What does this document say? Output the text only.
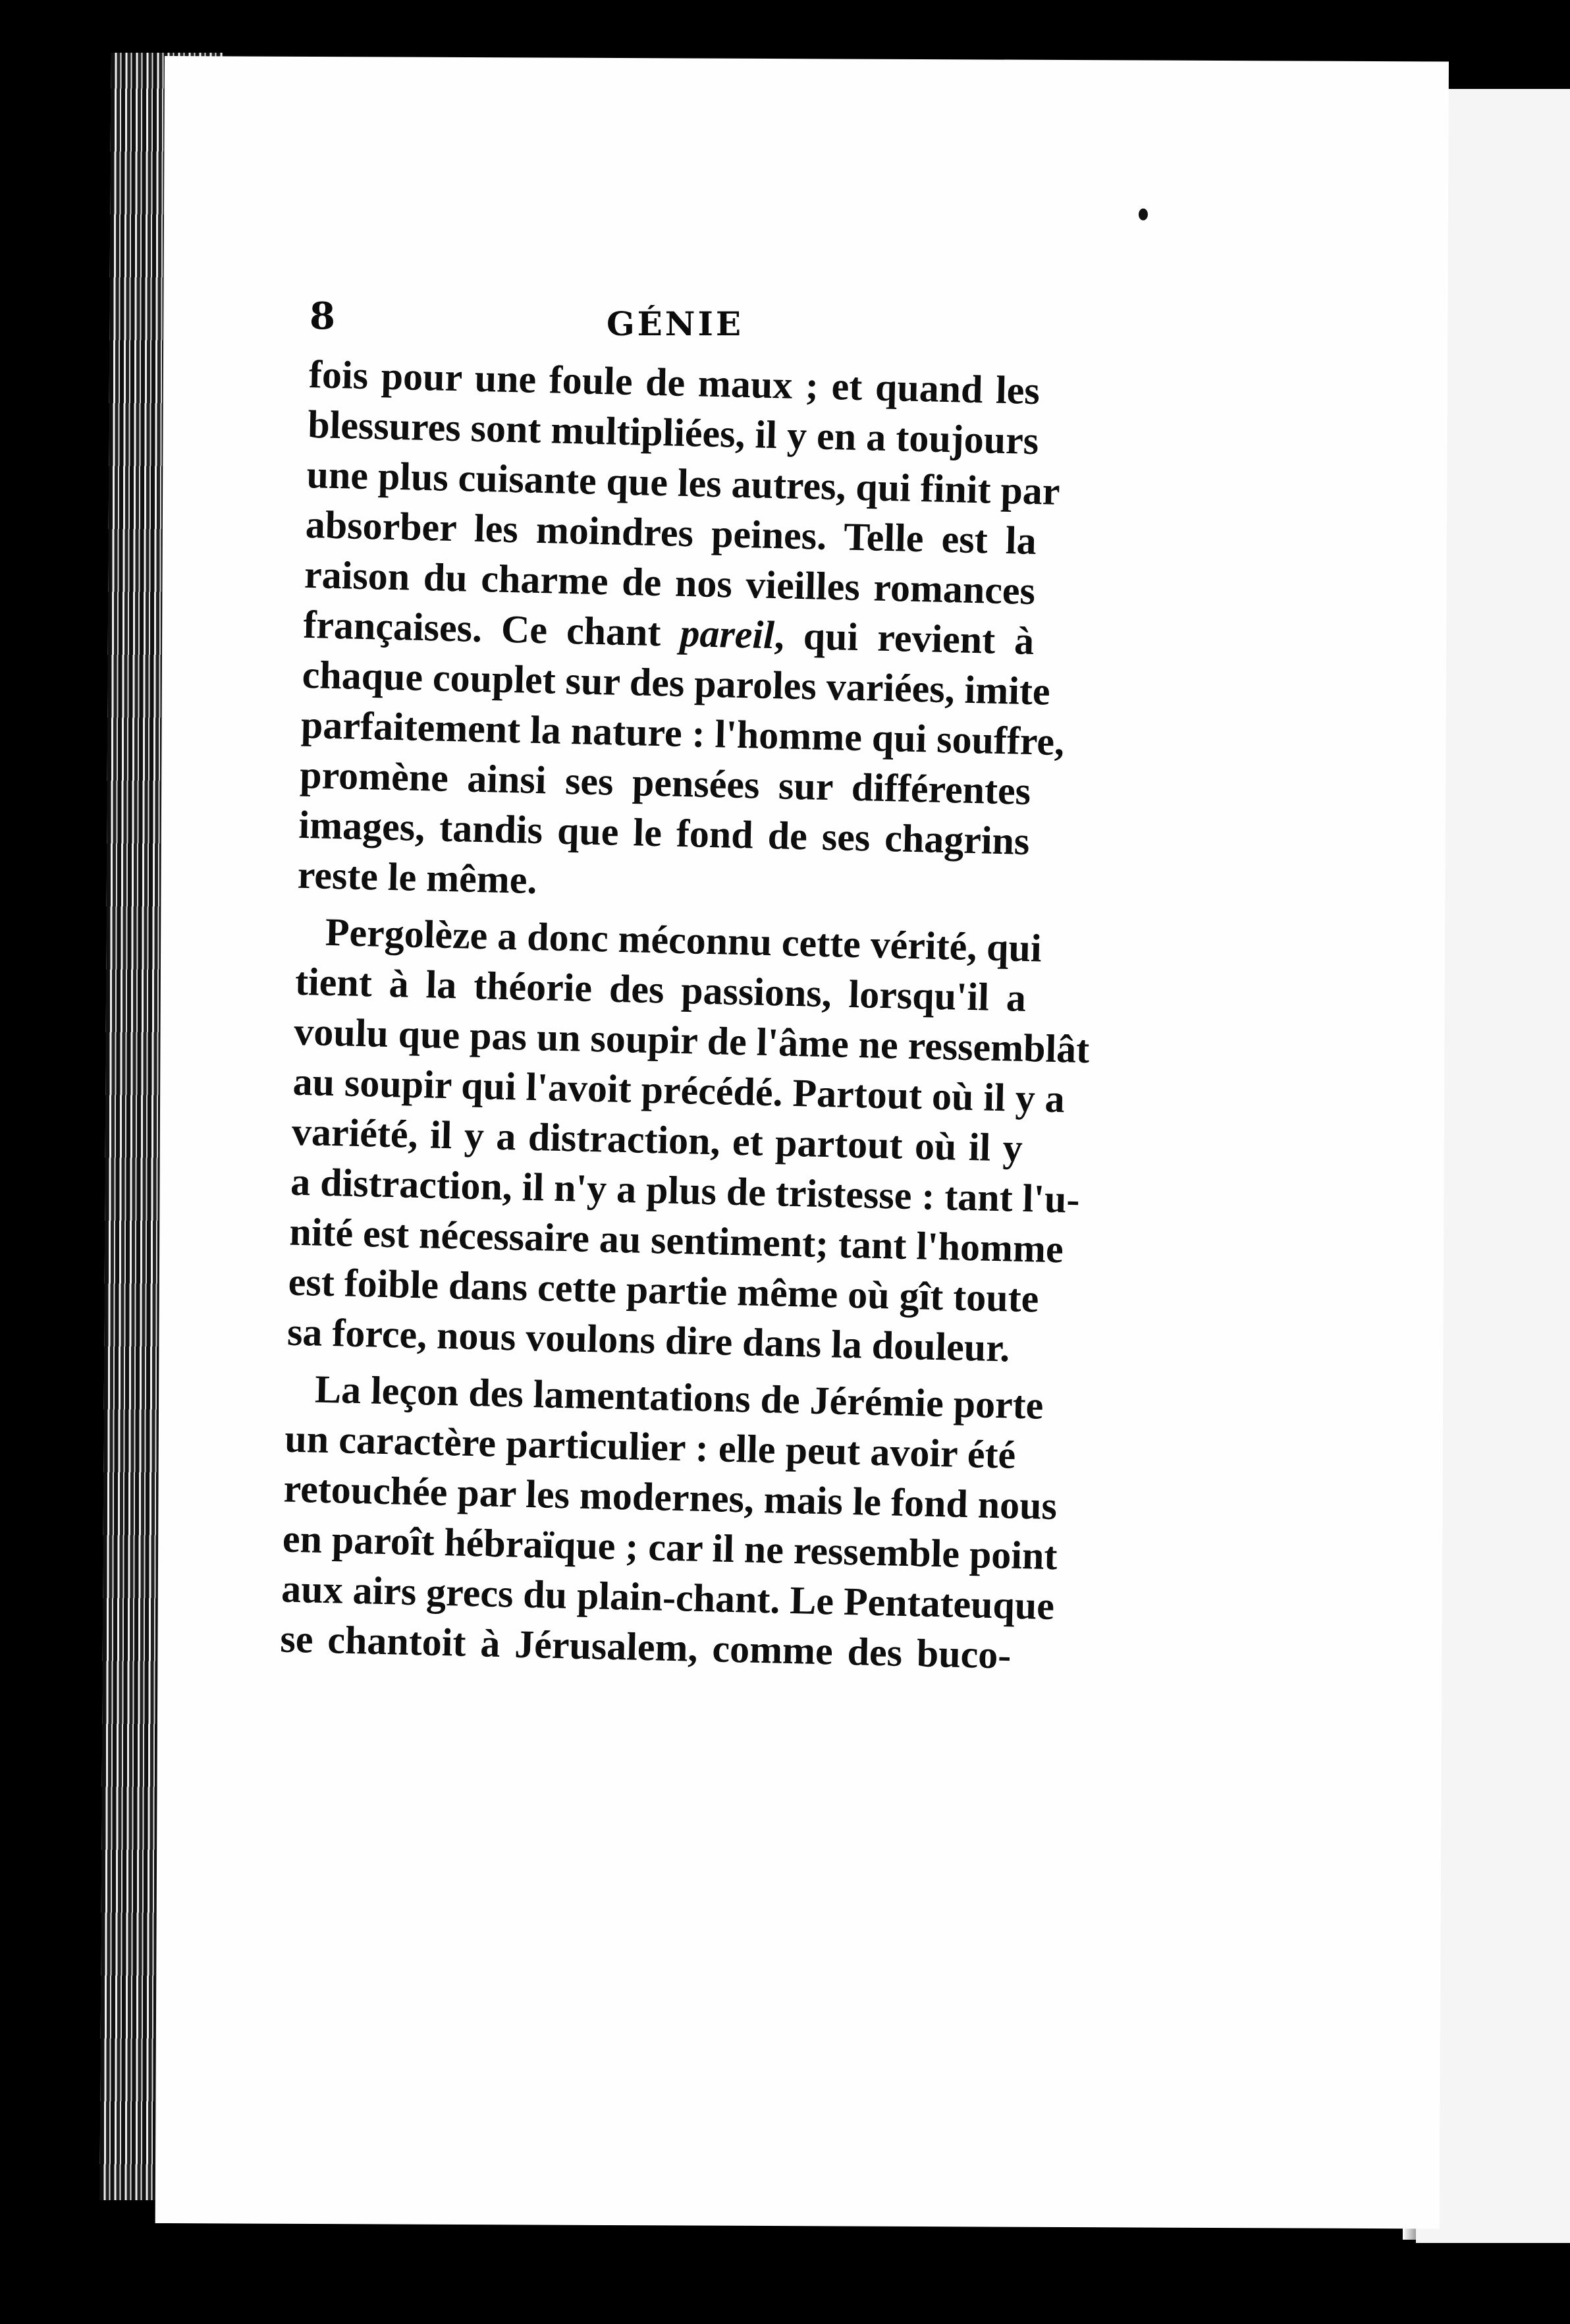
8	GÉNIE
fois pour une foule de maux ; et quand les
blessures sont multipliées, il y en a toujours
une plus cuisante que les autres, qui finit par
absorber les moindres peines. Telle est la
raison du charme de nos vieilles romances
françaises. Ce chant pareil, qui revient à
chaque couplet sur des paroles variées, imite
parfaitement la nature : l'homme qui souffre,
promène ainsi ses pensées sur différentes
images, tandis que le fond de ses chagrins
reste le même.
Pergolèze a donc méconnu cette vérité, qui
tient à la théorie des passions, lorsqu'il a
voulu que pas un soupir de l'âme ne ressemblât
au soupir qui l'avoit précédé. Partout où il y a
variété, il y a distraction, et partout où il y
a distraction, il n'y a plus de tristesse : tant l'u-
nité est nécessaire au sentiment; tant l'homme
est foible dans cette partie même où gît toute
sa force, nous voulons dire dans la douleur.
La leçon des lamentations de Jérémie porte
un caractère particulier : elle peut avoir été
retouchée par les modernes, mais le fond nous
en paroît hébraïque ; car il ne ressemble point
aux airs grecs du plain-chant. Le Pentateuque
se chantoit à Jérusalem, comme des buco-
